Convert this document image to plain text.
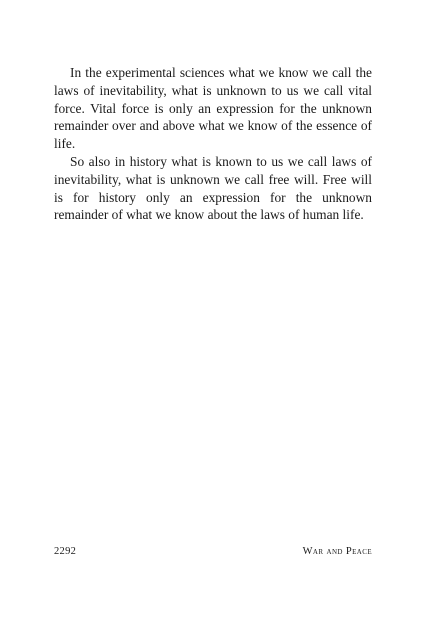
In the experimental sciences what we know we call the laws of inevitability, what is unknown to us we call vital force. Vital force is only an expression for the unknown remainder over and above what we know of the essence of life.

So also in history what is known to us we call laws of inevitability, what is unknown we call free will. Free will is for history only an expression for the unknown remainder of what we know about the laws of human life.

2292	War and Peace
